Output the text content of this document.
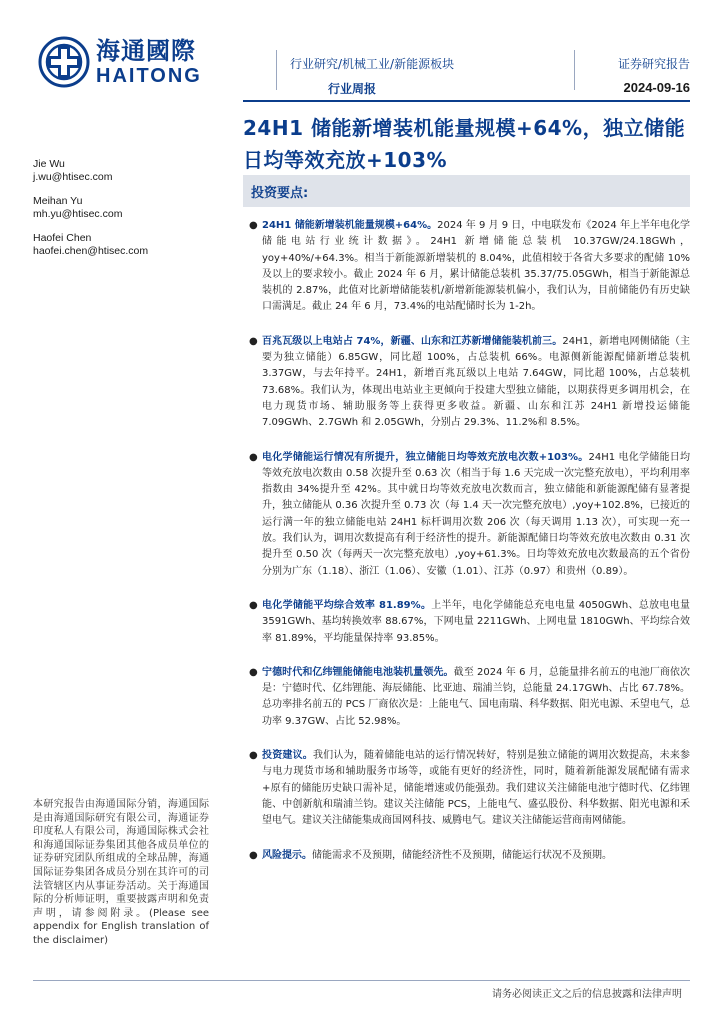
海通國際
HAITONG
行业研究/机械工业/新能源板块
行业周报
证券研究报告
2024-09-16
24H1 储能新增装机能量规模+64%，独立储能日均等效充放+103%
Jie Wu
j.wu@htisec.com
Meihan Yu
mh.yu@htisec.com
Haofei Chen
haofei.chen@htisec.com
投资要点:
● 24H1 储能新增装机能量规模+64%。2024 年 9 月 9 日，中电联发布《2024 年上半年电化学储能电站行业统计数据》。24H1 新增储能总装机 10.37GW/24.18GWh，yoy+40%/+64.3%。相当于新能源新增装机的 8.04%，此值相较于各省大多要求的配储 10%及以上的要求较小。截止 2024 年 6 月，累计储能总装机 35.37/75.05GWh，相当于新能源总装机的 2.87%，此值对比新增储能装机/新增新能源装机偏小，我们认为，目前储能仍有历史缺口需满足。截止 24 年 6 月，73.4%的电站配储时长为 1-2h。
● 百兆瓦级以上电站占 74%，新疆、山东和江苏新增储能装机前三。24H1，新增电网侧储能（主要为独立储能）6.85GW，同比超 100%，占总装机 66%。电源侧新能源配储新增总装机 3.37GW，与去年持平。24H1，新增百兆瓦级以上电站 7.64GW，同比超 100%，占总装机 73.68%。我们认为，体现出电站业主更倾向于投建大型独立储能，以期获得更多调用机会，在电力现货市场、辅助服务等上获得更多收益。新疆、山东和江苏 24H1 新增投运储能 7.09GWh、2.7GWh 和 2.05GWh，分别占 29.3%、11.2%和 8.5%。
● 电化学储能运行情况有所提升，独立储能日均等效充放电次数+103%。24H1 电化学储能日均等效充放电次数由 0.58 次提升至 0.63 次（相当于每 1.6 天完成一次完整充放电），平均利用率指数由 34%提升至 42%。其中就日均等效充放电次数而言，独立储能和新能源配储有显著提升，独立储能从 0.36 次提升至 0.73 次（每 1.4 天一次完整充放电）,yoy+102.8%，已接近的运行满一年的独立储能电站 24H1 标杆调用次数 206 次（每天调用 1.13 次），可实现一充一放。我们认为，调用次数提高有利于经济性的提升。新能源配储日均等效充放电次数由 0.31 次提升至 0.50 次（每两天一次完整充放电）,yoy+61.3%。日均等效充放电次数最高的五个省份分别为广东（1.18）、浙江（1.06）、安徽（1.01）、江苏（0.97）和贵州（0.89）。
● 电化学储能平均综合效率 81.89%。上半年，电化学储能总充电电量 4050GWh、总放电电量 3591GWh、基均转换效率 88.67%，下网电量 2211GWh、上网电量 1810GWh、平均综合效率 81.89%，平均能量保持率 93.85%。
● 宁德时代和亿纬锂能储能电池装机量领先。截至 2024 年 6 月，总能量排名前五的电池厂商依次是：宁德时代、亿纬锂能、海辰储能、比亚迪、瑞浦兰钧，总能量 24.17GWh、占比 67.78%。总功率排名前五的 PCS 厂商依次是：上能电气、国电南瑞、科华数据、阳光电源、禾望电气，总功率 9.37GW、占比 52.98%。
● 投资建议。我们认为，随着储能电站的运行情况转好，特别是独立储能的调用次数提高，未来参与电力现货市场和辅助服务市场等，或能有更好的经济性，同时，随着新能源发展配储有需求+原有的储能历史缺口需补足，储能增速或仍能强劲。我们建议关注储能电池宁德时代、亿纬锂能、中创新航和瑞浦兰钧。建议关注储能 PCS，上能电气、盛弘股份、科华数据、阳光电源和禾望电气。建议关注储能集成商国网科技、威腾电气。建议关注储能运营商南网储能。
● 风险提示。储能需求不及预期，储能经济性不及预期，储能运行状况不及预期。
本研究报告由海通国际分销，海通国际是由海通国际研究有限公司，海通证券印度私人有限公司，海通国际株式会社和海通国际证券集团其他各成员单位的证券研究团队所组成的全球品牌，海通国际证券集团各成员分别在其许可的司法管辖区内从事证券活动。关于海通国际的分析师证明，重要披露声明和免责声明，请参阅附录。(Please see appendix for English translation of the disclaimer)
请务必阅读正文之后的信息披露和法律声明
